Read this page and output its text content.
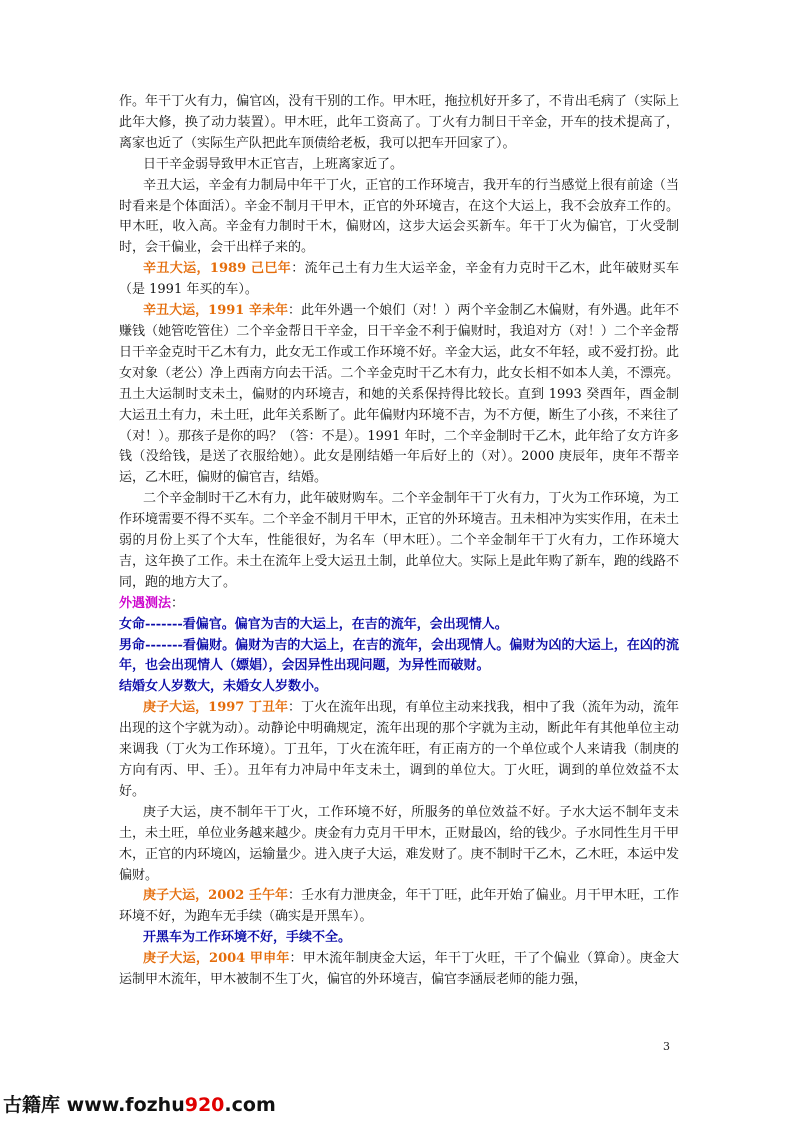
作。年干丁火有力，偏官凶，没有干别的工作。甲木旺，拖拉机好开多了，不肯出毛病了（实际上此年大修，换了动力装置）。甲木旺，此年工资高了。丁火有力制日干辛金，开车的技术提高了，离家也近了（实际生产队把此车顶债给老板，我可以把车开回家了）。

日干辛金弱导致甲木正官吉，上班离家近了。

辛丑大运，辛金有力制局中年干丁火，正官的工作环境吉，我开车的行当感觉上很有前途（当时看来是个体面活）。辛金不制月干甲木，正官的外环境吉，在这个大运上，我不会放弃工作的。甲木旺，收入高。辛金有力制时干木，偏财凶，这步大运会买新车。年干丁火为偏官，丁火受制时，会干偏业，会干出样子来的。

辛丑大运，1989 己巳年：流年己土有力生大运辛金，辛金有力克时干乙木，此年破财买车（是 1991 年买的车）。

辛丑大运，1991 辛未年：此年外遇一个娘们（对！）两个辛金制乙木偏财，有外遇。此年不赚钱（她管吃管住）二个辛金帮日干辛金，日干辛金不利于偏财时，我追对方（对！）二个辛金帮日干辛金克时干乙木有力，此女无工作或工作环境不好。辛金大运，此女不年轻，或不爱打扮。此女对象（老公）净上西南方向去干活。二个辛金克时干乙木有力，此女长相不如本人美，不漂亮。丑土大运制时支未土，偏财的内环境吉，和她的关系保持得比较长。直到 1993 癸酉年，酉金制大运丑土有力，未土旺，此年关系断了。此年偏财内环境不吉，为不方便，断生了小孩，不来往了（对！）。那孩子是你的吗？（答：不是）。1991 年时，二个辛金制时干乙木，此年给了女方许多钱（没给钱，是送了衣服给她）。此女是刚结婚一年后好上的（对）。2000 庚辰年，庚年不帮辛运，乙木旺，偏财的偏官吉，结婚。

二个辛金制时干乙木有力，此年破财购车。二个辛金制年干丁火有力，丁火为工作环境，为工作环境需要不得不买车。二个辛金不制月干甲木，正官的外环境吉。丑未相冲为实实作用，在未土弱的月份上买了个大车，性能很好，为名车（甲木旺）。二个辛金制年干丁火有力，工作环境大吉，这年换了工作。未土在流年上受大运丑土制，此单位大。实际上是此年购了新车，跑的线路不同，跑的地方大了。

外遇测法：

女命-------看偏官。偏官为吉的大运上，在吉的流年，会出现情人。

男命-------看偏财。偏财为吉的大运上，在吉的流年，会出现情人。偏财为凶的大运上，在凶的流年，也会出现情人（嫖娼），会因异性出现问题，为异性而破财。

结婚女人岁数大，未婚女人岁数小。

庚子大运，1997 丁丑年：丁火在流年出现，有单位主动来找我，相中了我（流年为动，流年出现的这个字就为动）。动静论中明确规定，流年出现的那个字就为主动，断此年有其他单位主动来调我（丁火为工作环境）。丁丑年，丁火在流年旺，有正南方的一个单位或个人来请我（制庚的方向有丙、甲、壬）。丑年有力冲局中年支未土，调到的单位大。丁火旺，调到的单位效益不太好。

庚子大运，庚不制年干丁火，工作环境不好，所服务的单位效益不好。子水大运不制年支未土，未土旺，单位业务越来越少。庚金有力克月干甲木，正财最凶，给的钱少。子水同性生月干甲木，正官的内环境凶，运输量少。进入庚子大运，难发财了。庚不制时干乙木，乙木旺，本运中发偏财。

庚子大运，2002 壬午年：壬水有力泄庚金，年干丁旺，此年开始了偏业。月干甲木旺，工作环境不好，为跑车无手续（确实是开黑车）。

开黑车为工作环境不好，手续不全。

庚子大运，2004 甲申年：甲木流年制庚金大运，年干丁火旺，干了个偏业（算命）。庚金大运制甲木流年，甲木被制不生丁火，偏官的外环境吉，偏官李涵辰老师的能力强，

3
古籍库 www.fozhu920.com
